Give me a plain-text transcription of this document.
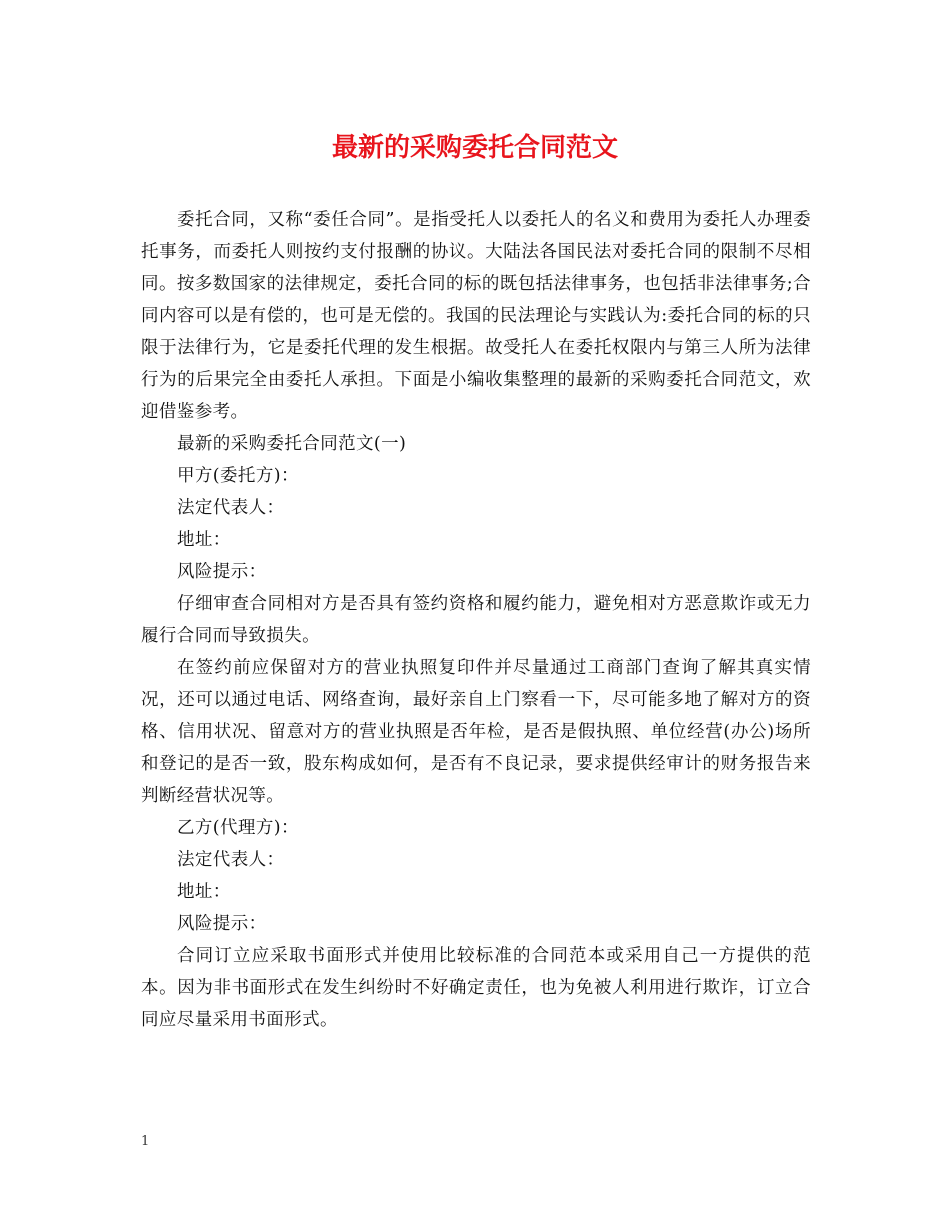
最新的采购委托合同范文

委托合同，又称“委任合同”。是指受托人以委托人的名义和费用为委托人办理委托事务，而委托人则按约支付报酬的协议。大陆法各国民法对委托合同的限制不尽相同。按多数国家的法律规定，委托合同的标的既包括法律事务，也包括非法律事务;合同内容可以是有偿的，也可是无偿的。我国的民法理论与实践认为:委托合同的标的只限于法律行为，它是委托代理的发生根据。故受托人在委托权限内与第三人所为法律行为的后果完全由委托人承担。下面是小编收集整理的最新的采购委托合同范文，欢迎借鉴参考。

最新的采购委托合同范文(一)

甲方(委托方)：

法定代表人：

地址：

风险提示：

仔细审查合同相对方是否具有签约资格和履约能力，避免相对方恶意欺诈或无力履行合同而导致损失。

在签约前应保留对方的营业执照复印件并尽量通过工商部门查询了解其真实情况，还可以通过电话、网络查询，最好亲自上门察看一下，尽可能多地了解对方的资格、信用状况、留意对方的营业执照是否年检，是否是假执照、单位经营(办公)场所和登记的是否一致，股东构成如何，是否有不良记录，要求提供经审计的财务报告来判断经营状况等。

乙方(代理方)：

法定代表人：

地址：

风险提示：

合同订立应采取书面形式并使用比较标准的合同范本或采用自己一方提供的范本。因为非书面形式在发生纠纷时不好确定责任，也为免被人利用进行欺诈，订立合同应尽量采用书面形式。

1
